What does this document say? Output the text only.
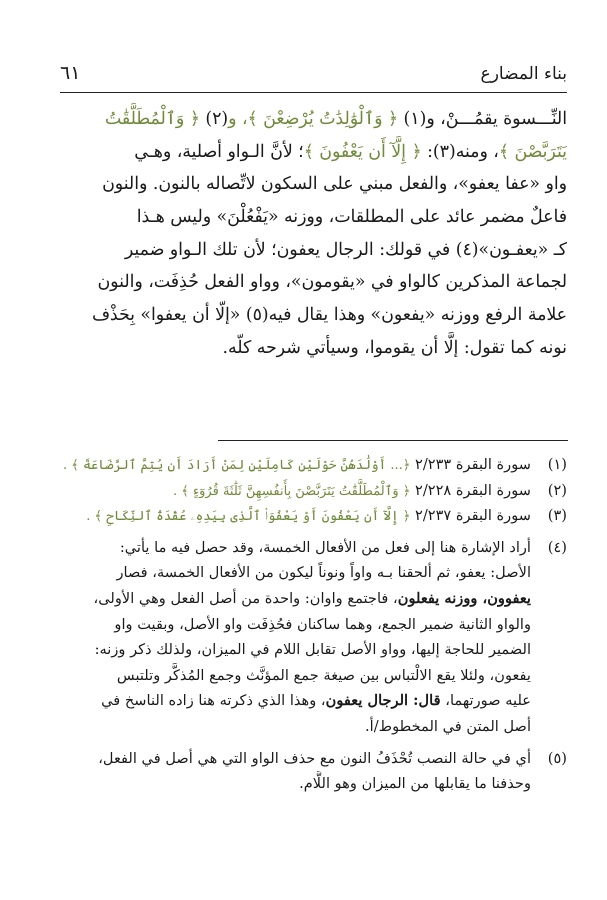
بناء المضارع
٦١
النِّـــسوة يقمُـــنْ، و(١) ﴿ وَٱلْوَٰلِدَٰتُ يُرْضِعْنَ ﴾، و(٢) ﴿ وَٱلْمُطَلَّقَٰتُ
يَتَرَبَّصْنَ ﴾، ومنه(٣): ﴿ إِلَّآ أَن يَعْفُونَ ﴾؛ لأنَّ الـواو أصلية، وهـي
واو «عفا يعفو»، والفعل مبني على السكون لاتِّصاله بالنون. والنون
فاعلٌ مضمر عائد على المطلقات، ووزنه «يَفْعُلْنَ» وليس هـذا
كـ «يعفـون»(٤) في قولك: الرجال يعفون؛ لأن تلك الـواو ضمير
لجماعة المذكرين كالواو في «يقومون»، وواو الفعل حُذِفَت، والنون
علامة الرفع ووزنه «يفعون» وهذا يقال فيه(٥) «إلّا أن يعفوا» بِحَذْف
نونه كما تقول: إلَّا أن يقوموا، وسيأتي شرحه كلّه.
(١)
سورة البقرة ٢/٢٣٣ ﴿... أَوْلَٰدَهُنَّ حَوْلَيْنِ كَامِلَيْنِ لِمَنْ أَرَادَ أَن يُتِمَّ ٱلرَّضَاعَةَ ﴾ .
(٢)
سورة البقرة ٢/٢٢٨ ﴿ وَٱلْمُطَلَّقَٰتُ يَتَرَبَّصْنَ بِأَنفُسِهِنَّ ثَلَٰثَةَ قُرُوٓءٍ ﴾ .
(٣)
سورة البقرة ٢/٢٣٧ ﴿ إِلَّآ أَن يَعْفُونَ أَوْ يَعْفُوَا۟ ٱلَّذِى بِيَدِهِۦ عُقْدَةُ ٱلنِّكَاحِ ﴾ .
(٤)
أراد الإشارة هنا إلى فعل من الأفعال الخمسة، وقد حصل فيه ما يأتي:
الأصل: يعفو، ثم ألحقنا بـه واواً ونوناً ليكون من الأفعال الخمسة، فصار
يعفوون، ووزنه يفعلون، فاجتمع واوان: واحدة من أصل الفعل وهي الأولى،
والواو الثانية ضمير الجمع، وهما ساكنان فحُذِفَت واو الأصل، وبقيت واو
الضمير للحاجة إليها، وواو الأصل تقابل اللام في الميزان، ولذلك ذكر وزنه:
يفعون، ولئلا يقع الالْتباس بين صيغة جمع المؤنَّث وجمع المُذكَّر وتلتبس
عليه صورتهما، قال: الرجال يعفون، وهذا الذي ذكرته هنا زاده الناسخ في
أصل المتن في المخطوط/أ.
(٥)
أي في حالة النصب تُحْذَفُ النون مع حذف الواو التي هي أصل في الفعل،
وحذفنا ما يقابلها من الميزان وهو اللَّام.
